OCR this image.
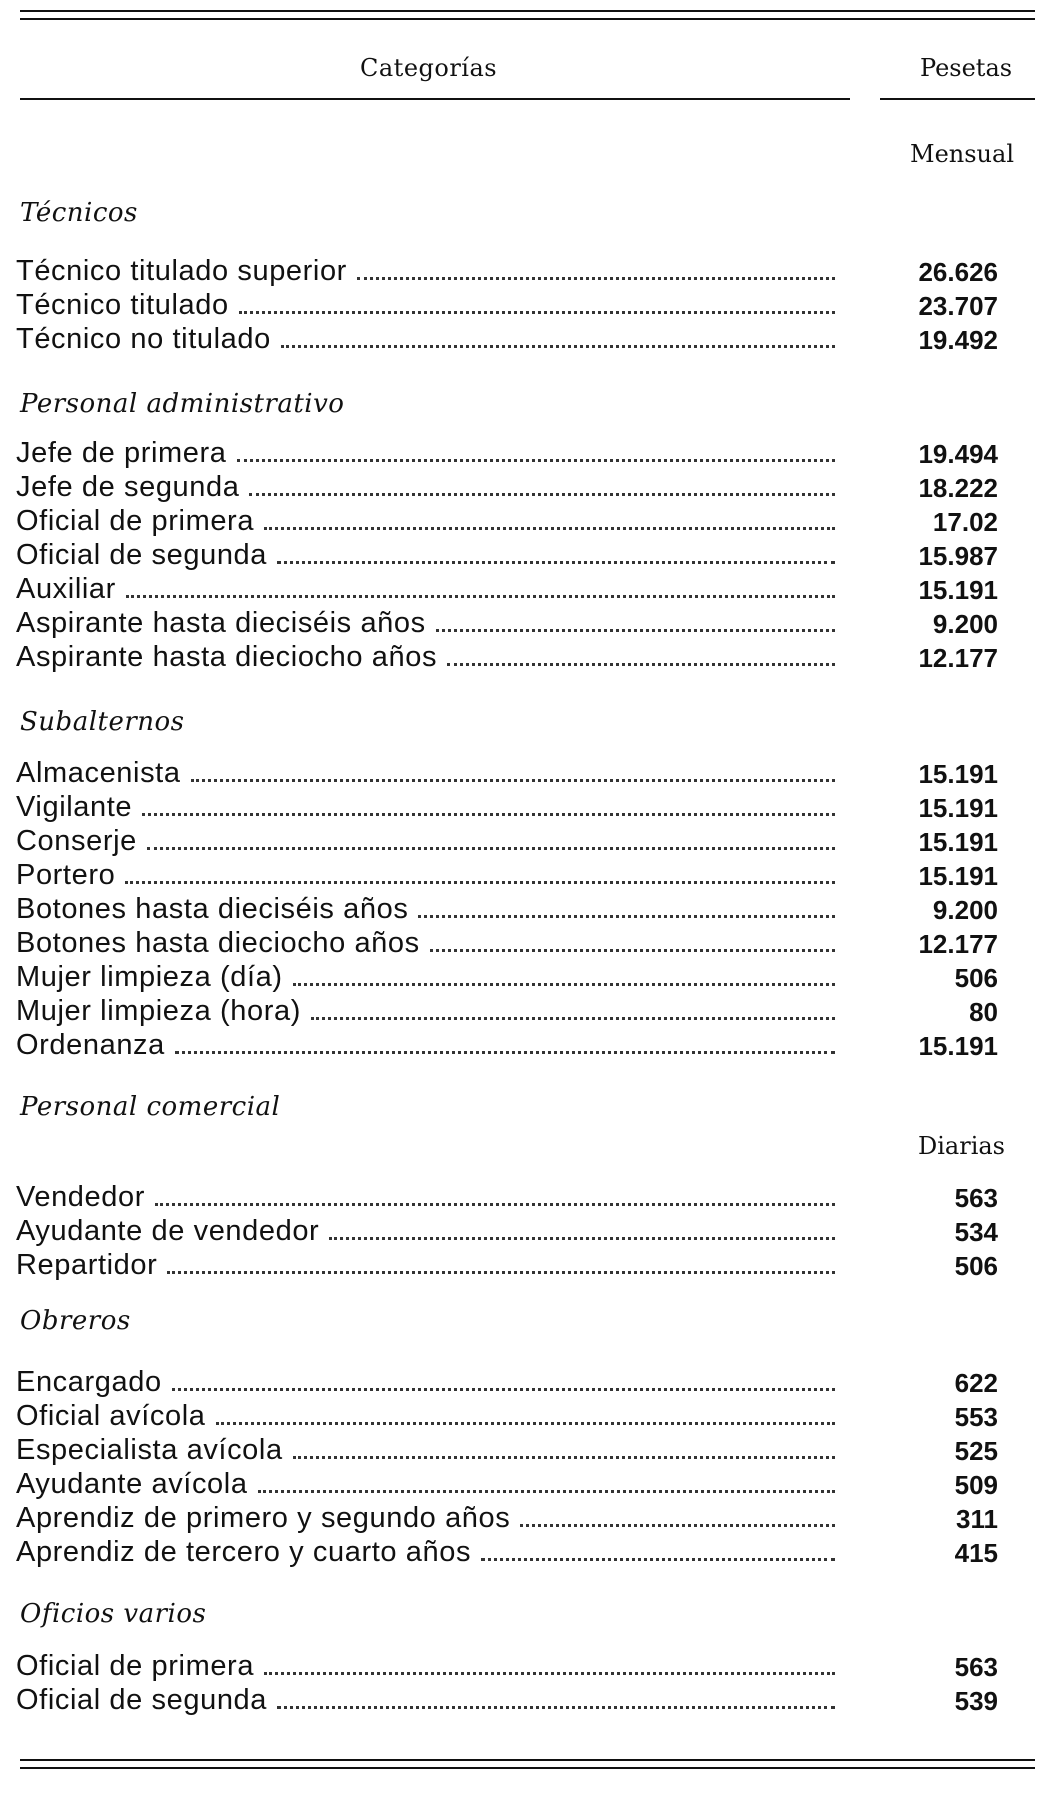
Categorías	Pesetas
Mensual
Técnicos
Técnico titulado superior	26.626
Técnico titulado	23.707
Técnico no titulado	19.492
Personal administrativo
Jefe de primera	19.494
Jefe de segunda	18.222
Oficial de primera	17.02
Oficial de segunda	15.987
Auxiliar	15.191
Aspirante hasta dieciséis años	9.200
Aspirante hasta dieciocho años	12.177
Subalternos
Almacenista	15.191
Vigilante	15.191
Conserje	15.191
Portero	15.191
Botones hasta dieciséis años	9.200
Botones hasta dieciocho años	12.177
Mujer limpieza (día)	506
Mujer limpieza (hora)	80
Ordenanza	15.191
Personal comercial
Diarias
Vendedor	563
Ayudante de vendedor	534
Repartidor	506
Obreros
Encargado	622
Oficial avícola	553
Especialista avícola	525
Ayudante avícola	509
Aprendiz de primero y segundo años	311
Aprendiz de tercero y cuarto años	415
Oficios varios
Oficial de primera	563
Oficial de segunda	539
